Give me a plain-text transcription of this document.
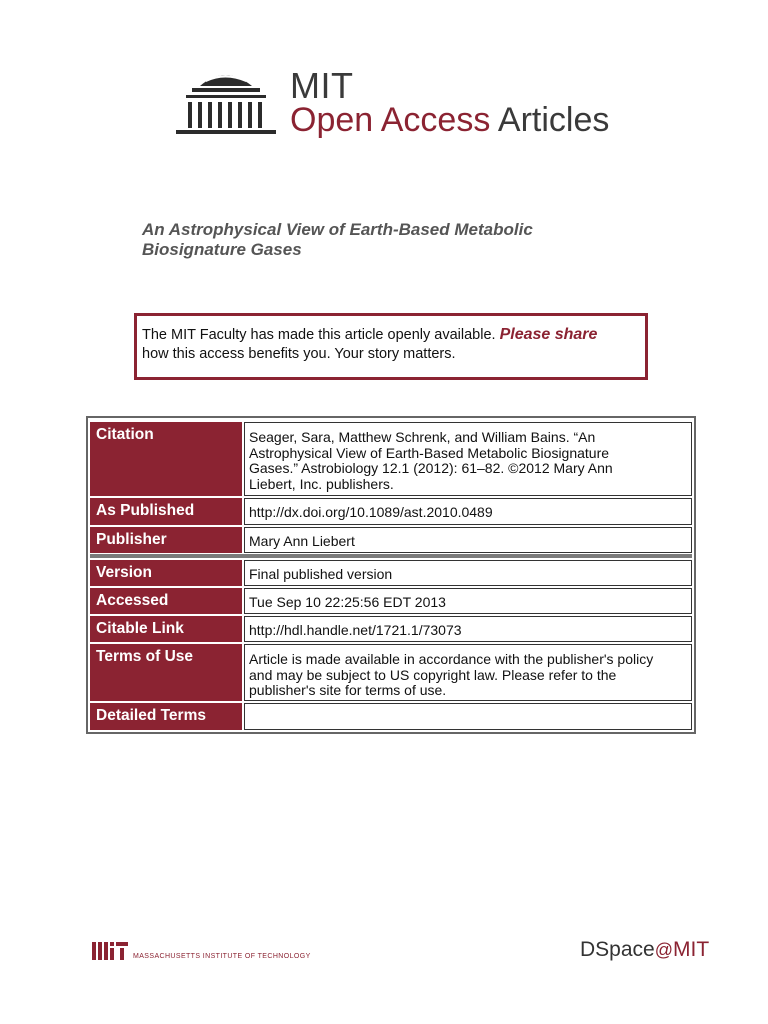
MIT
Open Access Articles
An Astrophysical View of Earth-Based Metabolic
Biosignature Gases
The MIT Faculty has made this article openly available. Please share
how this access benefits you. Your story matters.
Citation	Seager, Sara, Matthew Schrenk, and William Bains. “An
Astrophysical View of Earth-Based Metabolic Biosignature
Gases.” Astrobiology 12.1 (2012): 61–82. ©2012 Mary Ann
Liebert, Inc. publishers.
As Published	http://dx.doi.org/10.1089/ast.2010.0489
Publisher	Mary Ann Liebert
Version	Final published version
Accessed	Tue Sep 10 22:25:56 EDT 2013
Citable Link	http://hdl.handle.net/1721.1/73073
Terms of Use	Article is made available in accordance with the publisher's policy
and may be subject to US copyright law. Please refer to the
publisher's site for terms of use.
Detailed Terms
MASSACHUSETTS INSTITUTE OF TECHNOLOGY	DSpace@MIT
